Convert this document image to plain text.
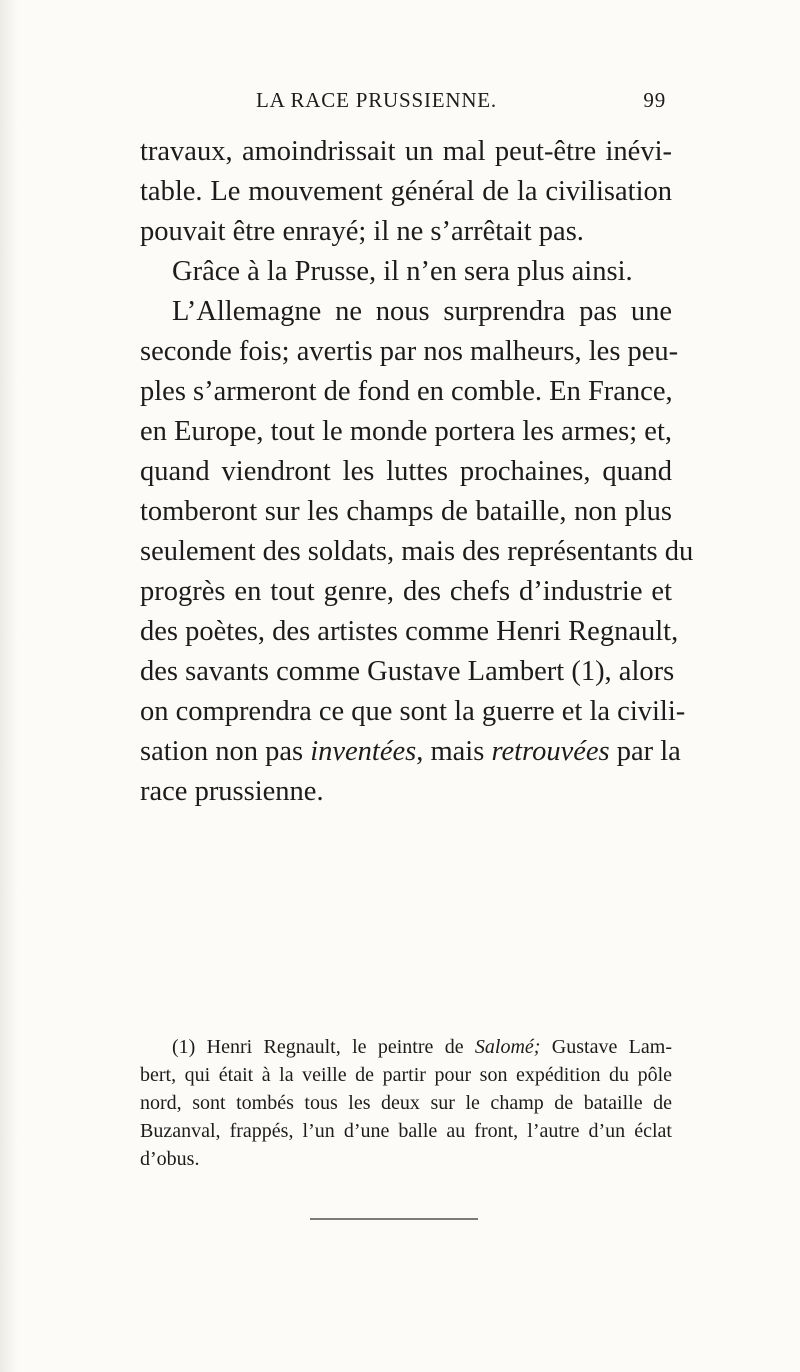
LA RACE PRUSSIENNE.	99
travaux, amoindrissait un mal peut-être inévi-
table. Le mouvement général de la civilisation
pouvait être enrayé; il ne s’arrêtait pas.
Grâce à la Prusse, il n’en sera plus ainsi.
L’Allemagne ne nous surprendra pas une
seconde fois; avertis par nos malheurs, les peu-
ples s’armeront de fond en comble. En France,
en Europe, tout le monde portera les armes; et,
quand viendront les luttes prochaines, quand
tomberont sur les champs de bataille, non plus
seulement des soldats, mais des représentants du
progrès en tout genre, des chefs d’industrie et
des poètes, des artistes comme Henri Regnault,
des savants comme Gustave Lambert (1), alors
on comprendra ce que sont la guerre et la civili-
sation non pas inventées, mais retrouvées par la
race prussienne.
(1) Henri Regnault, le peintre de Salomé; Gustave Lam-
bert, qui était à la veille de partir pour son expédition du pôle
nord, sont tombés tous les deux sur le champ de bataille de
Buzanval, frappés, l’un d’une balle au front, l’autre d’un éclat
d’obus.
